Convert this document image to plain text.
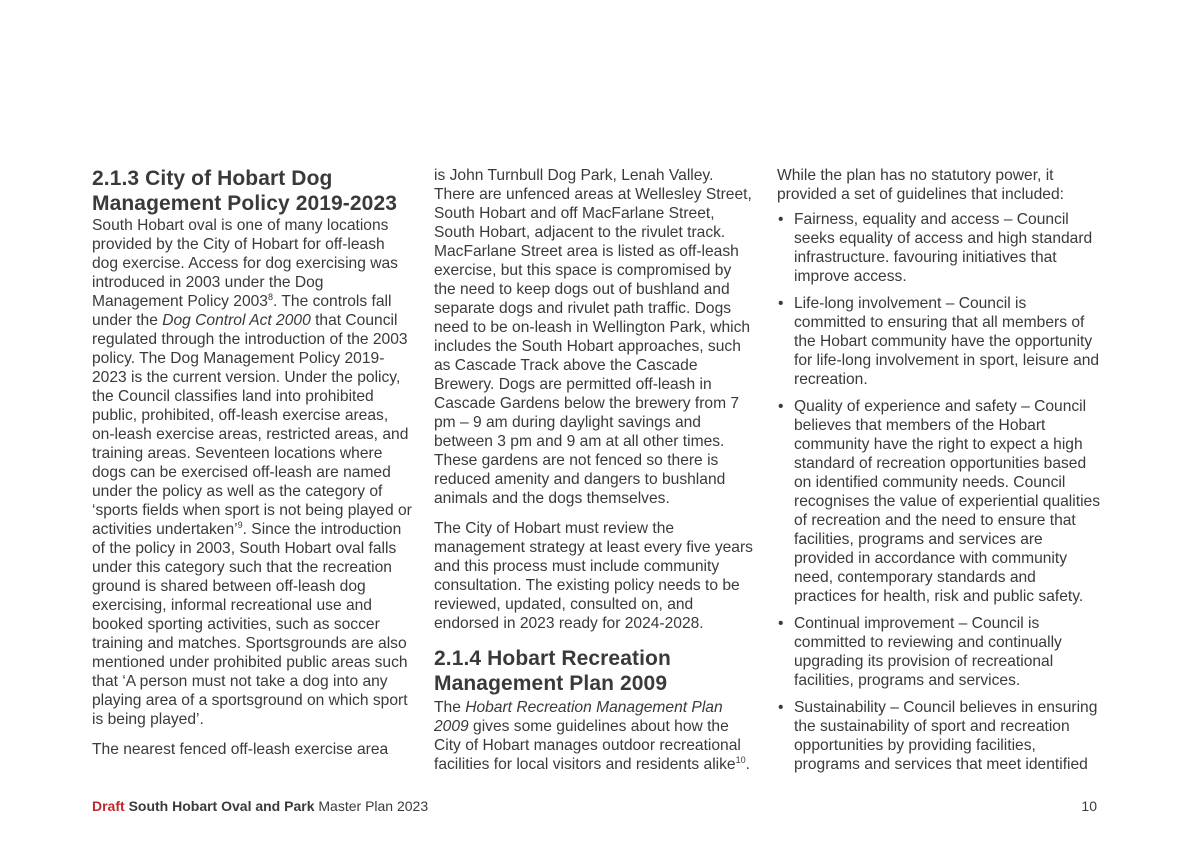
2.1.3 City of Hobart Dog Management Policy 2019-2023

South Hobart oval is one of many locations provided by the City of Hobart for off-leash dog exercise. Access for dog exercising was introduced in 2003 under the Dog Management Policy 2003$^8$. The controls fall under the Dog Control Act 2000 that Council regulated through the introduction of the 2003 policy. The Dog Management Policy 2019-2023 is the current version. Under the policy, the Council classifies land into prohibited public, prohibited, off-leash exercise areas, on-leash exercise areas, restricted areas, and training areas. Seventeen locations where dogs can be exercised off-leash are named under the policy as well as the category of ‘sports fields when sport is not being played or activities undertaken’$^9$. Since the introduction of the policy in 2003, South Hobart oval falls under this category such that the recreation ground is shared between off-leash dog exercising, informal recreational use and booked sporting activities, such as soccer training and matches. Sportsgrounds are also mentioned under prohibited public areas such that ‘A person must not take a dog into any playing area of a sportsground on which sport is being played’.

The nearest fenced off-leash exercise area

is John Turnbull Dog Park, Lenah Valley. There are unfenced areas at Wellesley Street, South Hobart and off MacFarlane Street, South Hobart, adjacent to the rivulet track. MacFarlane Street area is listed as off-leash exercise, but this space is compromised by the need to keep dogs out of bushland and separate dogs and rivulet path traffic. Dogs need to be on-leash in Wellington Park, which includes the South Hobart approaches, such as Cascade Track above the Cascade Brewery. Dogs are permitted off-leash in Cascade Gardens below the brewery from 7 pm – 9 am during daylight savings and between 3 pm and 9 am at all other times. These gardens are not fenced so there is reduced amenity and dangers to bushland animals and the dogs themselves.

The City of Hobart must review the management strategy at least every five years and this process must include community consultation. The existing policy needs to be reviewed, updated, consulted on, and endorsed in 2023 ready for 2024-2028.

2.1.4 Hobart Recreation Management Plan 2009

The Hobart Recreation Management Plan 2009 gives some guidelines about how the City of Hobart manages outdoor recreational facilities for local visitors and residents alike$^{10}$.

While the plan has no statutory power, it provided a set of guidelines that included:

• Fairness, equality and access – Council seeks equality of access and high standard infrastructure. favouring initiatives that improve access.
• Life-long involvement – Council is committed to ensuring that all members of the Hobart community have the opportunity for life-long involvement in sport, leisure and recreation.
• Quality of experience and safety – Council believes that members of the Hobart community have the right to expect a high standard of recreation opportunities based on identified community needs. Council recognises the value of experiential qualities of recreation and the need to ensure that facilities, programs and services are provided in accordance with community need, contemporary standards and practices for health, risk and public safety.
• Continual improvement – Council is committed to reviewing and continually upgrading its provision of recreational facilities, programs and services.
• Sustainability – Council believes in ensuring the sustainability of sport and recreation opportunities by providing facilities, programs and services that meet identified
Draft South Hobart Oval and Park Master Plan 2023	10
